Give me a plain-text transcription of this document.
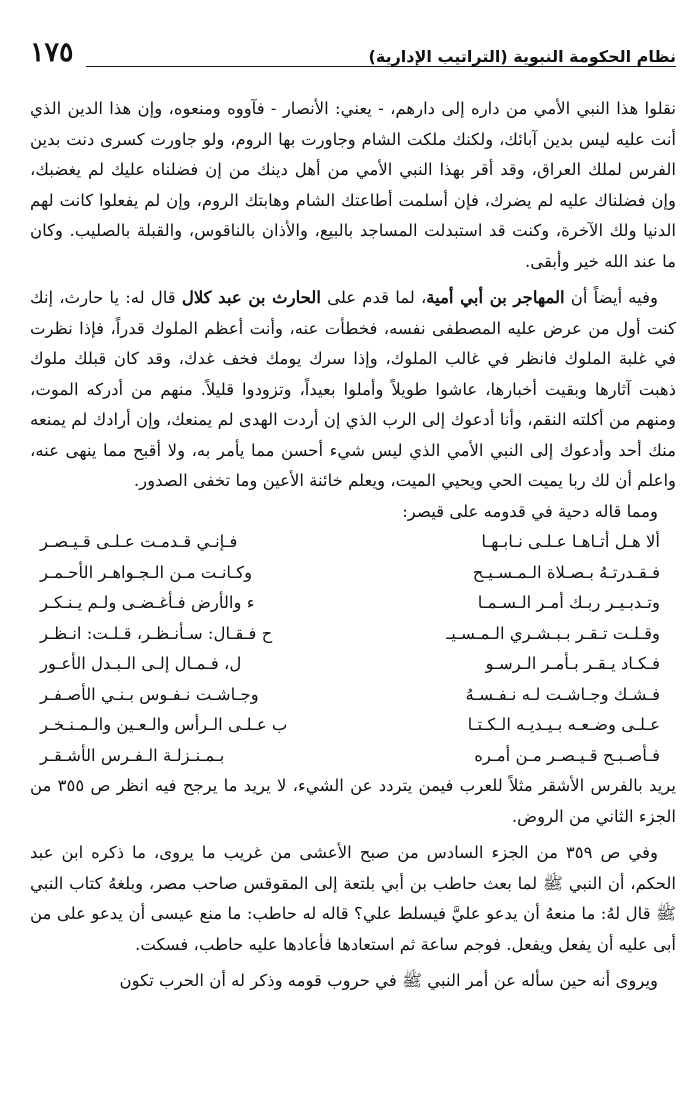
١٧٥	نظام الحكومة النبوية (التراتيب الإدارية)

نقلوا هذا النبي الأمي من داره إلى دارهم، - يعني: الأنصار - فآووه ومنعوه، وإن هذا الدين الذي أنت عليه ليس بدين آبائك، ولكنك ملكت الشام وجاورت بها الروم، ولو جاورت كسرى دنت بدين الفرس لملك العراق، وقد أقر بهذا النبي الأمي من أهل دينك من إن فضلناه عليك لم يغضبك، وإن فضلناك عليه لم يضرك، فإن أسلمت أطاعتك الشام وهابتك الروم، وإن لم يفعلوا كانت لهم الدنيا ولك الآخرة، وكنت قد استبدلت المساجد بالبيع، والأذان بالناقوس، والقبلة بالصليب. وكان ما عند الله خير وأبقى.

وفيه أيضاً أن المهاجر بن أبي أمية، لما قدم على الحارث بن عبد كلال قال له: يا حارث، إنك كنت أول من عرض عليه المصطفى نفسه، فخطأت عنه، وأنت أعظم الملوك قدراً، فإذا نظرت في غلبة الملوك فانظر في غالب الملوك، وإذا سرك يومك فخف غدك، وقد كان قبلك ملوك ذهبت آثارها وبقيت أخبارها، عاشوا طويلاً وأملوا بعيداً، وتزودوا قليلاً. منهم من أدركه الموت، ومنهم من أكلته النقم، وأنا أدعوك إلى الرب الذي إن أردت الهدى لم يمنعك، وإن أرادك لم يمنعه منك أحد وأدعوك إلى النبي الأمي الذي ليس شيء أحسن مما يأمر به، ولا أقبح مما ينهى عنه، واعلم أن لك ربا يميت الحي ويحيي الميت، ويعلم خائنة الأعين وما تخفى الصدور.

ومما قاله دحية في قدومه على قيصر:

ألا هـل أتـاهـا عـلـى نـابـهـا
فـإنـي قـدمـت عـلـى قـيـصـر
فـقـدرتـهُ بـصـلاة الـمـسـيـح
وكـانـت مـن الـجـواهـر الأحـمـر
وتـدبـيـر ربـك أمـر الـسـمـا
ء والأرض فـأغـضـى ولـم يـنـكـر
وقـلـت تـقـر بـبـشـري الـمـسـيـ
ح فـقـال: سـأنـظـر، قـلـت: انـظـر
فـكـاد يـقـر بـأمـر الـرسـو
ل، فـمـال إلـى الـبـدل الأعـور
فـشـك وجـاشـت لـه نـفـسـهُ
وجـاشـت نـفـوس بـنـي الأصـفـر
عـلـى وضـعـه بـيـديـه الـكـتـا
ب عـلـى الـرأس والـعـين والـمـنـخـر
فـأصـبـح قـيـصـر مـن أمـره
بـمـنـزلـة الـفـرس الأشـقـر

يريد بالفرس الأشقر مثلاً للعرب فيمن يتردد عن الشيء، لا يريد ما يرجح فيه انظر ص ٣٥٥ من الجزء الثاني من الروض.

وفي ص ٣٥٩ من الجزء السادس من صبح الأعشى من غريب ما يروى، ما ذكره ابن عبد الحكم، أن النبي ﷺ لما بعث حاطب بن أبي بلتعة إلى المقوقس صاحب مصر، وبلغهُ كتاب النبي ﷺ قال لهُ: ما منعهُ أن يدعو عليَّ فيسلط علي؟ قاله له حاطب: ما منع عيسى أن يدعو على من أبى عليه أن يفعل ويفعل. فوجم ساعة ثم استعادها فأعادها عليه حاطب، فسكت.

ويروى أنه حين سأله عن أمر النبي ﷺ في حروب قومه وذكر له أن الحرب تكون
